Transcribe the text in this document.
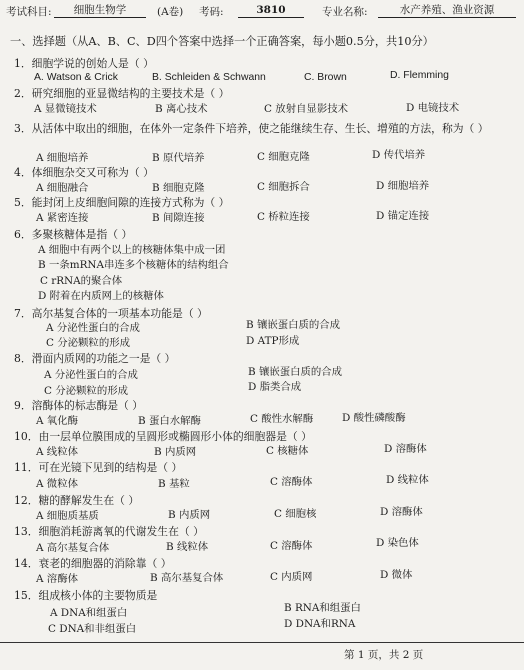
考试科目:	细胞生物学	(A卷) 考码:	3810	专业名称:	水产养殖、渔业资源
一、选择题（从A、B、C、D四个答案中选择一个正确答案，每小题0.5分，共10分）
1．细胞学说的创始人是（ ）
A. Watson & Crick	B. Schleiden & Schwann	C. Brown	D. Flemming
2．研究细胞的亚显微结构的主要技术是（ ）
A 显微镜技术	B 离心技术	C 放射自显影技术	D 电镜技术
3．从活体中取出的细胞，在体外一定条件下培养，使之能继续生存、生长、增殖的方法，称为（ ）
A 细胞培养	B 原代培养	C 细胞克隆	D 传代培养
4．体细胞杂交又可称为（ ）
A 细胞融合	B 细胞克隆	C 细胞拆合	D 细胞培养
5．能封闭上皮细胞间隙的连接方式称为（ ）
A 紧密连接	B 间隙连接	C 桥粒连接	D 锚定连接
6．多聚核糖体是指（ ）
A 细胞中有两个以上的核糖体集中成一团
B 一条mRNA串连多个核糖体的结构组合
C rRNA的聚合体
D 附着在内质网上的核糖体
7．高尔基复合体的一项基本功能是（ ）
A 分泌性蛋白的合成	B 镶嵌蛋白质的合成
C 分泌颗粒的形成	D ATP形成
8．滑面内质网的功能之一是（ ）
A 分泌性蛋白的合成	B 镶嵌蛋白质的合成
C 分泌颗粒的形成	D 脂类合成
9．溶酶体的标志酶是（ ）
A 氧化酶	B 蛋白水解酶	C 酸性水解酶	D 酸性磷酸酶
10．由一层单位膜围成的呈圆形或椭圆形小体的细胞器是（ ）
A 线粒体	B 内质网	C 核糖体	D 溶酶体
11．可在光镜下见到的结构是（ ）
A 微粒体	B 基粒	C 溶酶体	D 线粒体
12．糖的酵解发生在（ ）
A 细胞质基质	B 内质网	C 细胞核	D 溶酶体
13．细胞消耗游离氧的代谢发生在（ ）
A 高尔基复合体	B 线粒体	C 溶酶体	D 染色体
14．衰老的细胞器的消除靠（ ）
A 溶酶体	B 高尔基复合体	C 内质网	D 微体
15．组成核小体的主要物质是
A DNA和组蛋白	B RNA和组蛋白
C DNA和非组蛋白	D DNA和RNA
第 1 页，共 2 页
